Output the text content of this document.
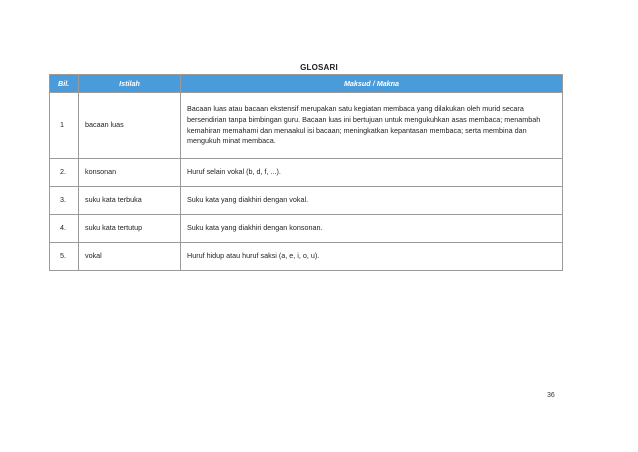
GLOSARI
Bil.	Istilah	Maksud / Makna
1	bacaan luas	Bacaan luas atau bacaan ekstensif merupakan satu kegiatan membaca yang dilakukan oleh murid secara bersendirian tanpa bimbingan guru. Bacaan luas ini bertujuan untuk mengukuhkan asas membaca; menambah kemahiran memahami dan menaakul isi bacaan; meningkatkan kepantasan membaca; serta membina dan mengukuh minat membaca.
2.	konsonan	Huruf selain vokal (b, d, f, ...).
3.	suku kata terbuka	Suku kata yang diakhiri dengan vokal.
4.	suku kata tertutup	Suku kata yang diakhiri dengan konsonan.
5.	vokal	Huruf hidup atau huruf saksi (a, e, i, o, u).
36
